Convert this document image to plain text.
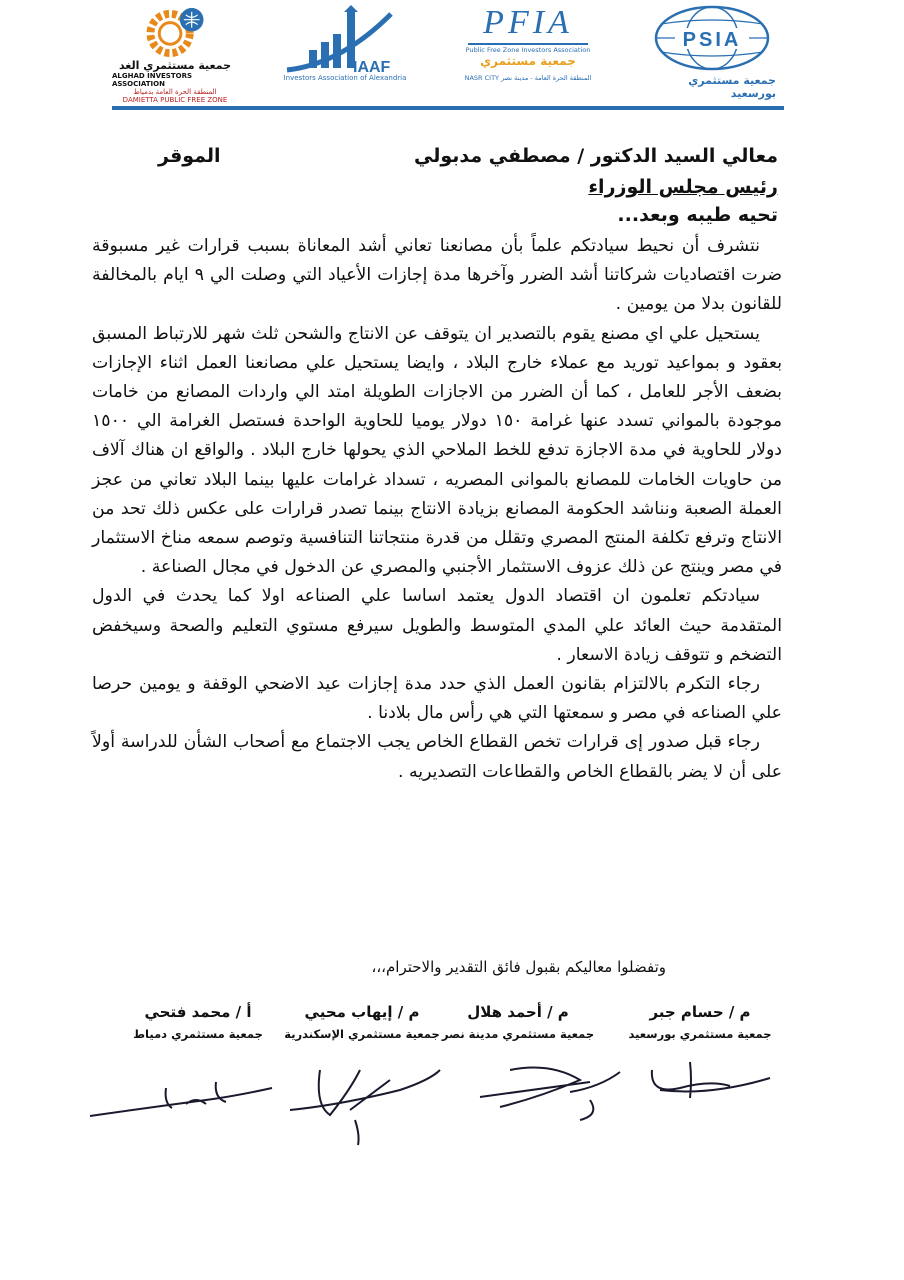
جمعية مستثمري الغد
ALGHAD INVESTORS ASSOCIATION
المنطقة الحرة العامة بدمياط
DAMIETTA PUBLIC FREE ZONE
IAAF
Investors Association of Alexandria
PFIA
Public Free Zone Investors Association
جمعية مستثمري
المنطقة الحرة العامة - مدينة نصر NASR CITY
PSIA
جمعية مستثمري بورسعيد
معالي السيد الدكتور / مصطفي مدبولي
الموقر
رئيس مجلس الوزراء
تحيه طيبه وبعد...

نتشرف أن نحيط سيادتكم علماً بأن مصانعنا تعاني أشد المعاناة بسبب قرارات غير مسبوقة ضرت اقتصاديات شركاتنا أشد الضرر وآخرها مدة إجازات الأعياد التي وصلت الي ٩ ايام بالمخالفة للقانون بدلا من يومين .

يستحيل علي اي مصنع يقوم بالتصدير ان يتوقف عن الانتاج والشحن ثلث شهر للارتباط المسبق بعقود و بمواعيد توريد مع عملاء خارج البلاد ، وايضا يستحيل علي مصانعنا العمل اثناء الإجازات بضعف الأجر للعامل ، كما أن الضرر من الاجازات الطويلة امتد الي واردات المصانع من خامات موجودة بالمواني تسدد عنها غرامة ١٥٠ دولار يوميا للحاوية الواحدة فستصل الغرامة الي ١٥٠٠ دولار للحاوية في مدة الاجازة تدفع للخط الملاحي الذي يحولها خارج البلاد . والواقع ان هناك آلاف من حاويات الخامات للمصانع بالموانى المصريه ، تسداد غرامات عليها بينما البلاد تعاني من عجز العملة الصعبة ونناشد الحكومة المصانع بزيادة الانتاج بينما تصدر قرارات على عكس ذلك تحد من الانتاج وترفع تكلفة المنتج المصري وتقلل من قدرة منتجاتنا التنافسية وتوصم سمعه مناخ الاستثمار في مصر وينتج عن ذلك عزوف الاستثمار الأجنبي والمصري عن الدخول في مجال الصناعة .

سيادتكم تعلمون ان اقتصاد الدول يعتمد اساسا علي الصناعه اولا كما يحدث في الدول المتقدمة حيث العائد علي المدي المتوسط والطويل سيرفع مستوي التعليم والصحة وسيخفض التضخم و تتوقف زيادة الاسعار .

رجاء التكرم بالالتزام بقانون العمل الذي حدد مدة إجازات عيد الاضحي الوقفة و يومين حرصا علي الصناعه في مصر و سمعتها التي هي رأس مال بلادنا .

رجاء قبل صدور إى قرارات تخص القطاع الخاص يجب الاجتماع مع أصحاب الشأن للدراسة أولاً على أن لا يضر بالقطاع الخاص والقطاعات التصديريه .

وتفضلوا معاليكم بقبول فائق التقدير والاحترام،،،
م / حسام جبر
جمعية مستثمري بورسعيد
م / أحمد هلال
جمعية مستثمري مدينة نصر
م / إيهاب محيي
جمعية مستثمري الإسكندرية
أ / محمد فتحي
جمعية مستثمري دمياط
